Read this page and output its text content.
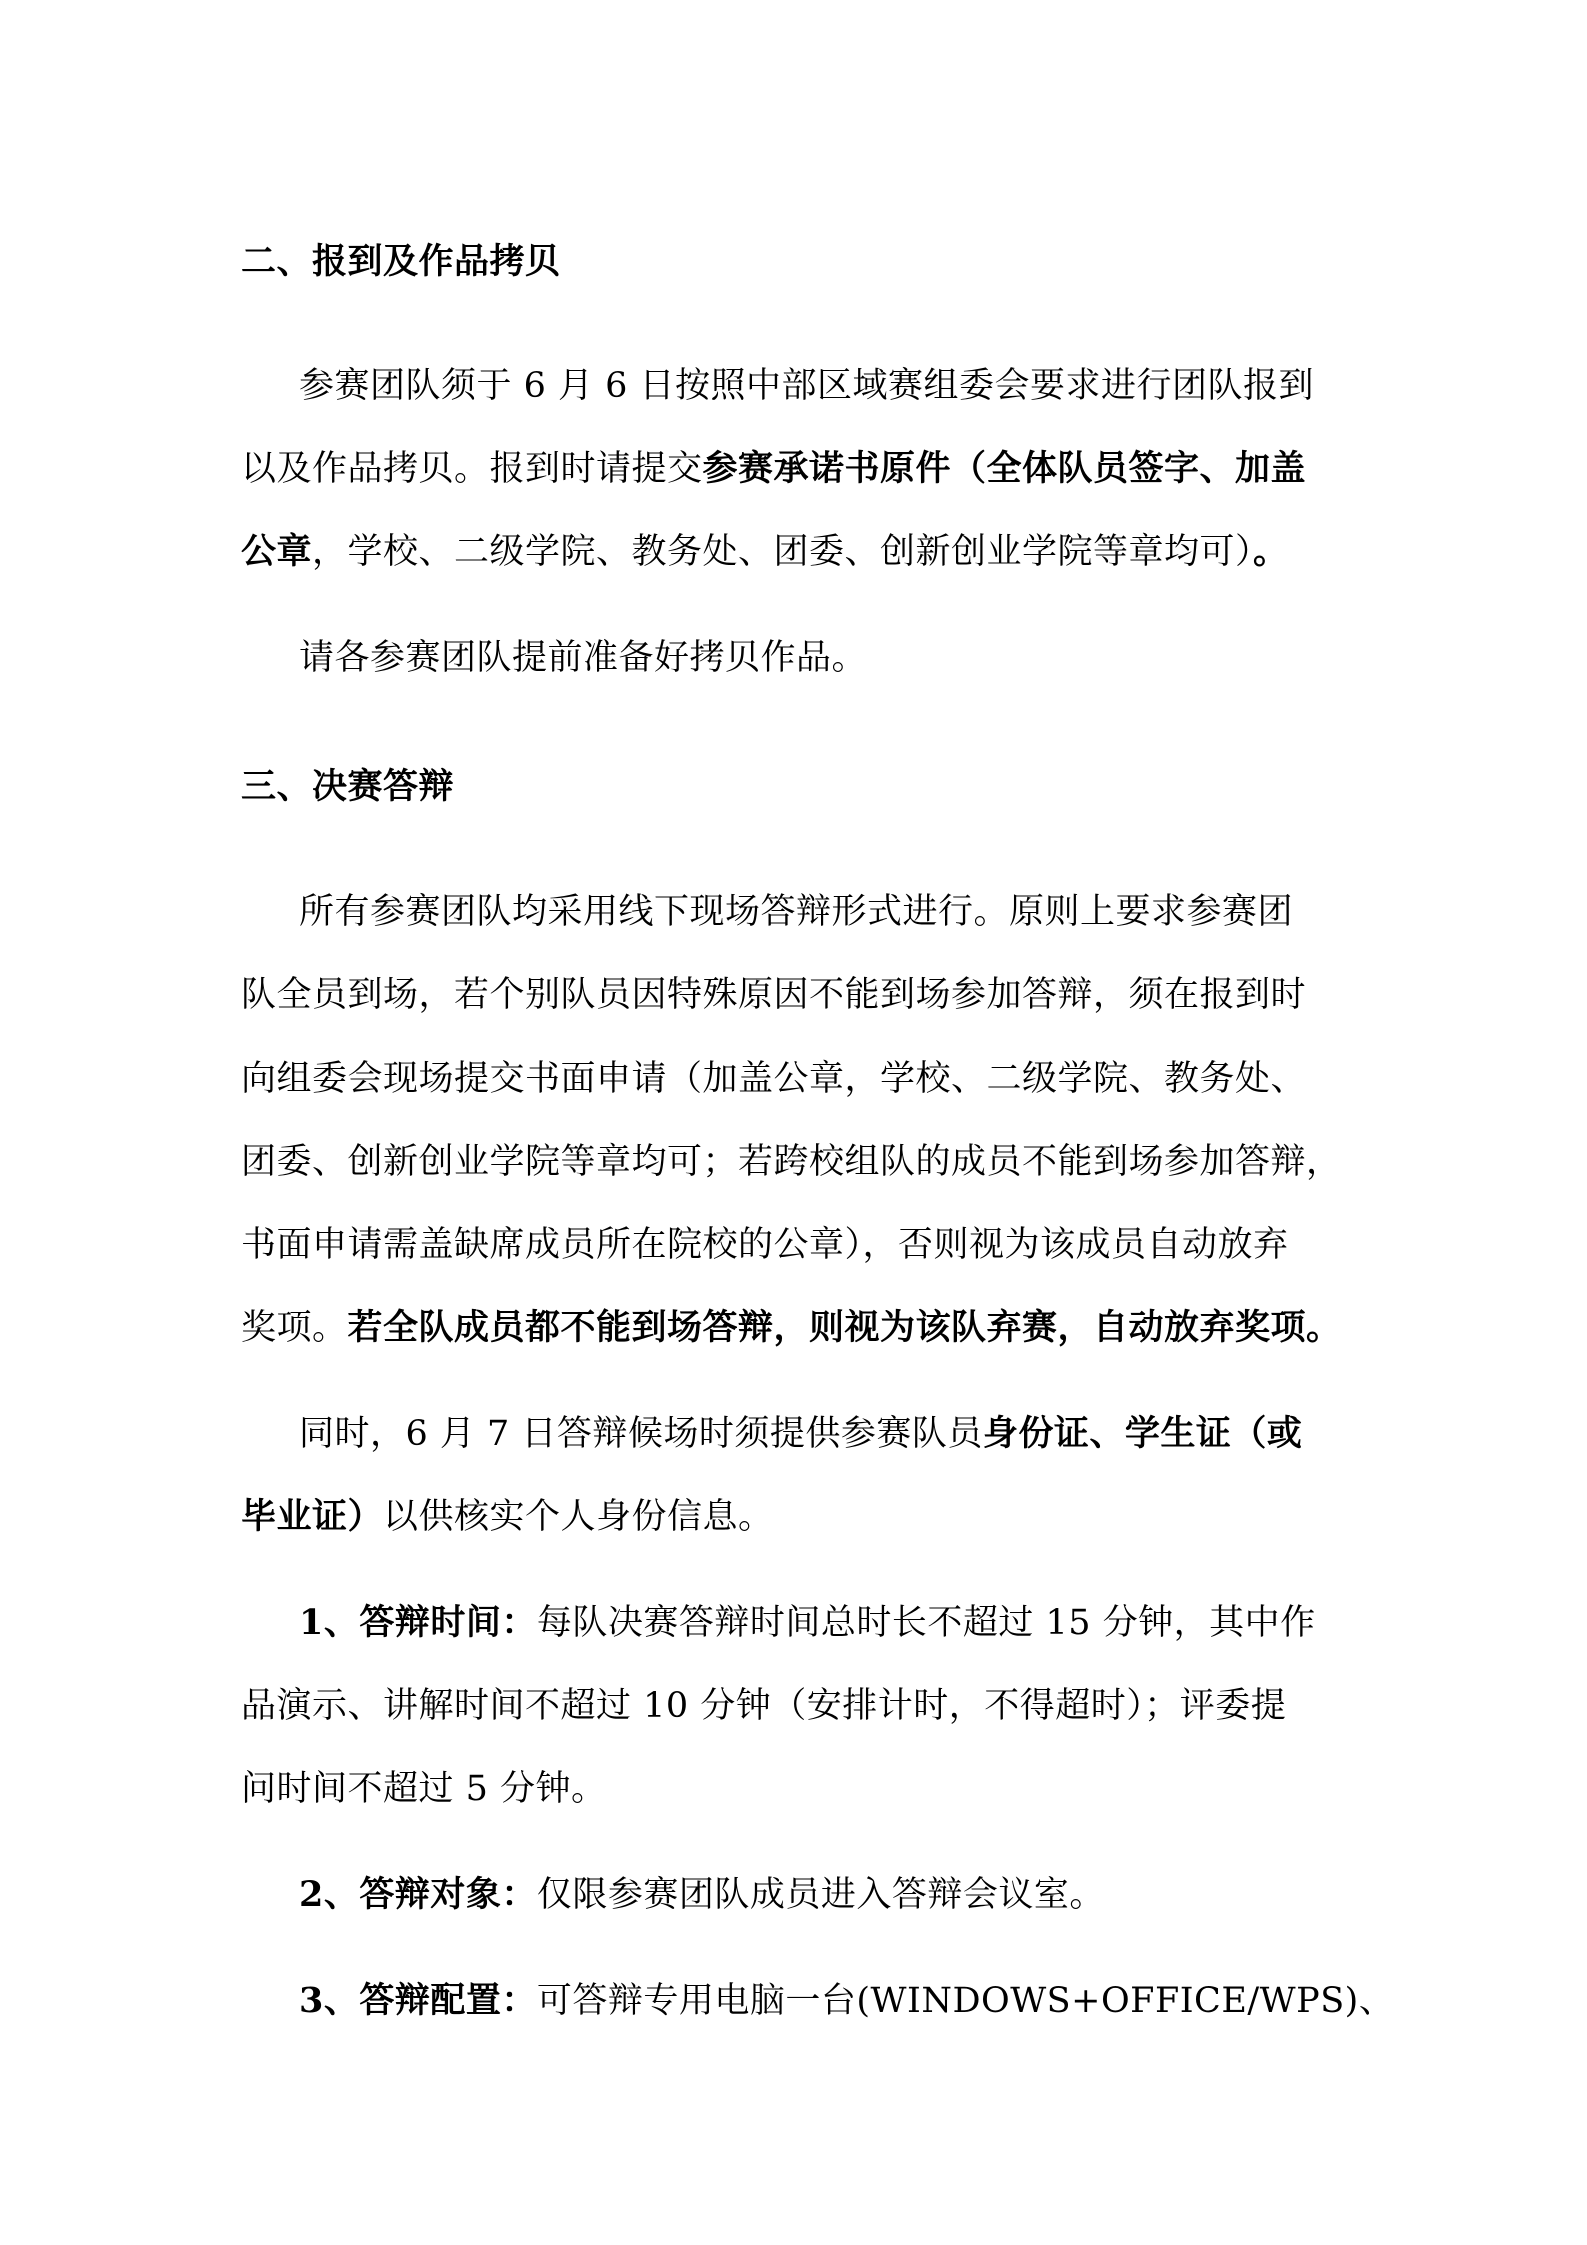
二、报到及作品拷贝
参赛团队须于 6 月 6 日按照中部区域赛组委会要求进行团队报到
以及作品拷贝。报到时请提交参赛承诺书原件（全体队员签字、加盖
公章，学校、二级学院、教务处、团委、创新创业学院等章均可）。
请各参赛团队提前准备好拷贝作品。
三、决赛答辩
所有参赛团队均采用线下现场答辩形式进行。原则上要求参赛团
队全员到场，若个别队员因特殊原因不能到场参加答辩，须在报到时
向组委会现场提交书面申请（加盖公章，学校、二级学院、教务处、
团委、创新创业学院等章均可；若跨校组队的成员不能到场参加答辩，
书面申请需盖缺席成员所在院校的公章），否则视为该成员自动放弃
奖项。若全队成员都不能到场答辩，则视为该队弃赛，自动放弃奖项。
同时，6 月 7 日答辩候场时须提供参赛队员身份证、学生证（或
毕业证）以供核实个人身份信息。
1、答辩时间：每队决赛答辩时间总时长不超过 15 分钟，其中作
品演示、讲解时间不超过 10 分钟（安排计时，不得超时）；评委提
问时间不超过 5 分钟。
2、答辩对象：仅限参赛团队成员进入答辩会议室。
3、答辩配置：可答辩专用电脑一台(WINDOWS+OFFICE/WPS)、
